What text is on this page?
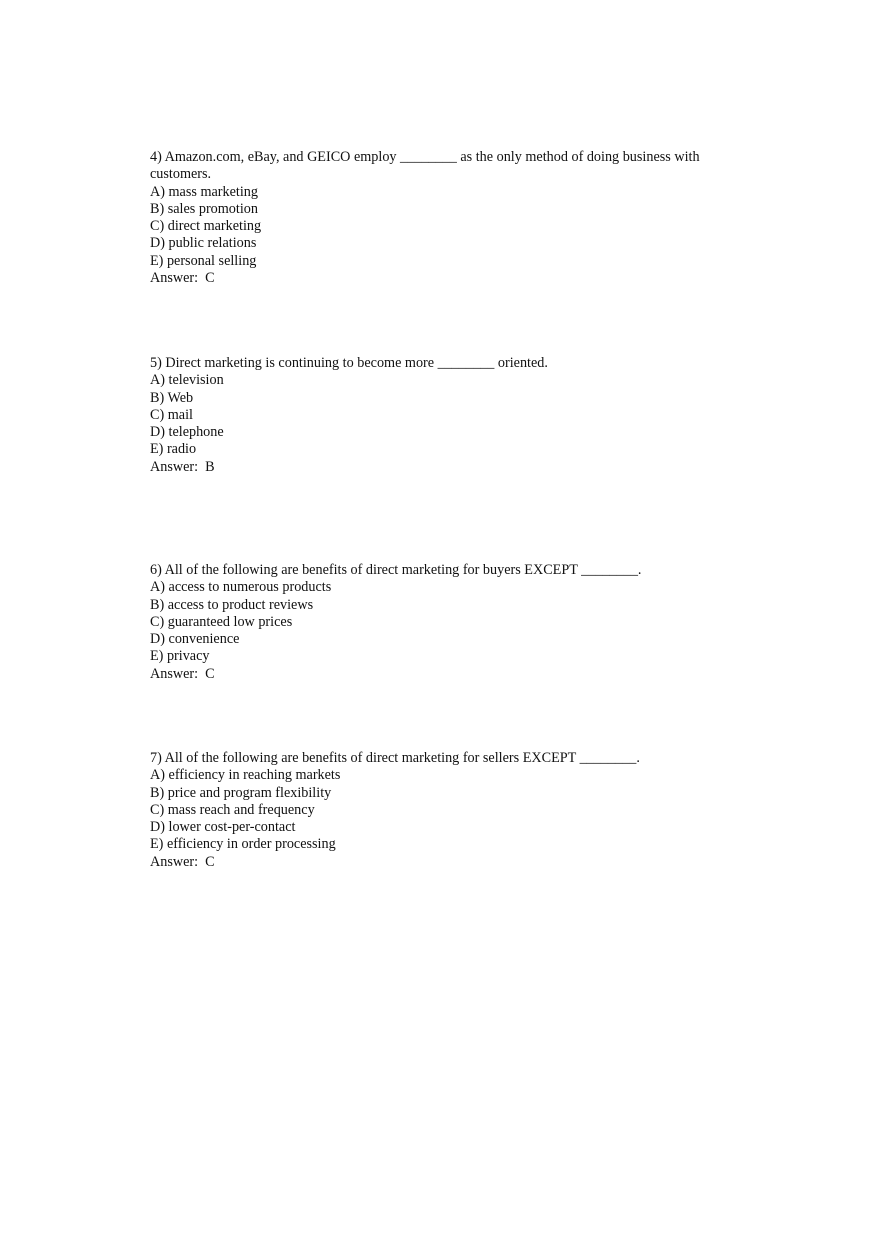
4) Amazon.com, eBay, and GEICO employ ________ as the only method of doing business with
customers.
A) mass marketing
B) sales promotion
C) direct marketing
D) public relations
E) personal selling
Answer:  C
5) Direct marketing is continuing to become more ________ oriented.
A) television
B) Web
C) mail
D) telephone
E) radio
Answer:  B
6) All of the following are benefits of direct marketing for buyers EXCEPT ________.
A) access to numerous products
B) access to product reviews
C) guaranteed low prices
D) convenience
E) privacy
Answer:  C
7) All of the following are benefits of direct marketing for sellers EXCEPT ________.
A) efficiency in reaching markets
B) price and program flexibility
C) mass reach and frequency
D) lower cost-per-contact
E) efficiency in order processing
Answer:  C
